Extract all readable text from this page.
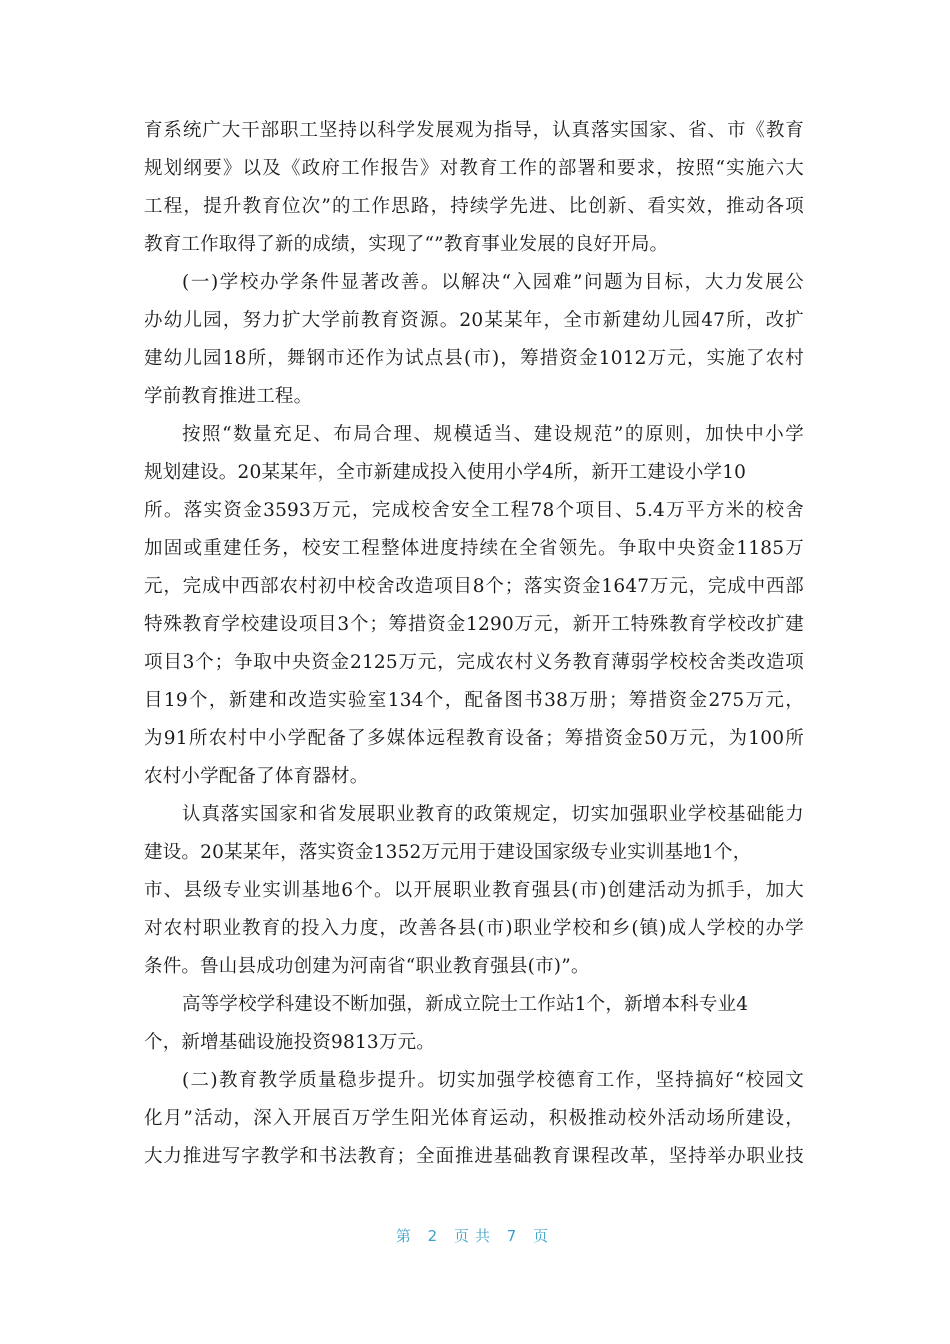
育系统广大干部职工坚持以科学发展观为指导，认真落实国家、省、市《教育
规划纲要》以及《政府工作报告》对教育工作的部署和要求，按照“实施六大
工程，提升教育位次”的工作思路，持续学先进、比创新、看实效，推动各项
教育工作取得了新的成绩，实现了“”教育事业发展的良好开局。
(一)学校办学条件显著改善。以解决“入园难”问题为目标，大力发展公
办幼儿园，努力扩大学前教育资源。20某某年，全市新建幼儿园47所，改扩
建幼儿园18所，舞钢市还作为试点县(市)，筹措资金1012万元，实施了农村
学前教育推进工程。
按照“数量充足、布局合理、规模适当、建设规范”的原则，加快中小学
规划建设。20某某年，全市新建成投入使用小学4所，新开工建设小学10
所。落实资金3593万元，完成校舍安全工程78个项目、5.4万平方米的校舍
加固或重建任务，校安工程整体进度持续在全省领先。争取中央资金1185万
元，完成中西部农村初中校舍改造项目8个；落实资金1647万元，完成中西部
特殊教育学校建设项目3个；筹措资金1290万元，新开工特殊教育学校改扩建
项目3个；争取中央资金2125万元，完成农村义务教育薄弱学校校舍类改造项
目19个，新建和改造实验室134个，配备图书38万册；筹措资金275万元，
为91所农村中小学配备了多媒体远程教育设备；筹措资金50万元，为100所
农村小学配备了体育器材。
认真落实国家和省发展职业教育的政策规定，切实加强职业学校基础能力
建设。20某某年，落实资金1352万元用于建设国家级专业实训基地1个，
市、县级专业实训基地6个。以开展职业教育强县(市)创建活动为抓手，加大
对农村职业教育的投入力度，改善各县(市)职业学校和乡(镇)成人学校的办学
条件。鲁山县成功创建为河南省“职业教育强县(市)”。
高等学校学科建设不断加强，新成立院士工作站1个，新增本科专业4
个，新增基础设施投资9813万元。
(二)教育教学质量稳步提升。切实加强学校德育工作，坚持搞好“校园文
化月”活动，深入开展百万学生阳光体育运动，积极推动校外活动场所建设，
大力推进写字教学和书法教育；全面推进基础教育课程改革，坚持举办职业技
第 2 页共 7 页
